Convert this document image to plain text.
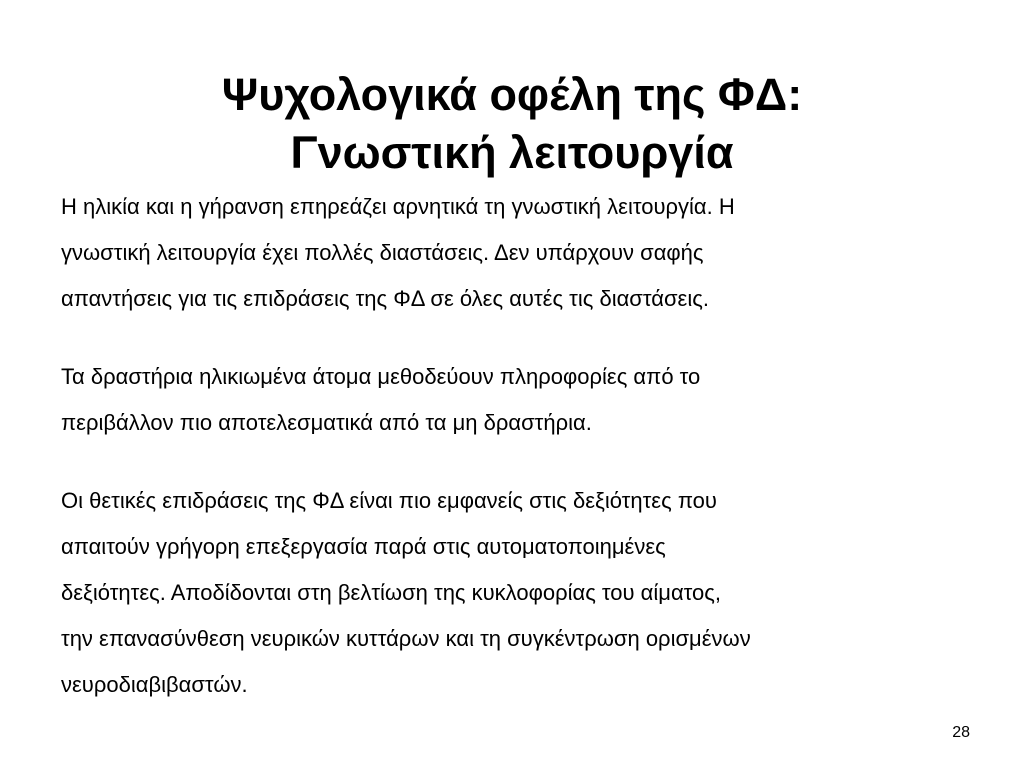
Ψυχολογικά οφέλη της ΦΔ:
Γνωστική λειτουργία

Η ηλικία και η γήρανση επηρεάζει αρνητικά τη γνωστική λειτουργία. Η
γνωστική λειτουργία έχει πολλές διαστάσεις. Δεν υπάρχουν σαφής
απαντήσεις για τις επιδράσεις της ΦΔ σε όλες αυτές τις διαστάσεις.

Τα δραστήρια ηλικιωμένα άτομα μεθοδεύουν πληροφορίες από το
περιβάλλον πιο αποτελεσματικά από τα μη δραστήρια.

Οι θετικές επιδράσεις της ΦΔ είναι πιο εμφανείς στις δεξιότητες που
απαιτούν γρήγορη επεξεργασία παρά στις αυτοματοποιημένες
δεξιότητες. Αποδίδονται στη βελτίωση της κυκλοφορίας του αίματος,
την επανασύνθεση νευρικών κυττάρων και τη συγκέντρωση ορισμένων
νευροδιαβιβαστών.

28
